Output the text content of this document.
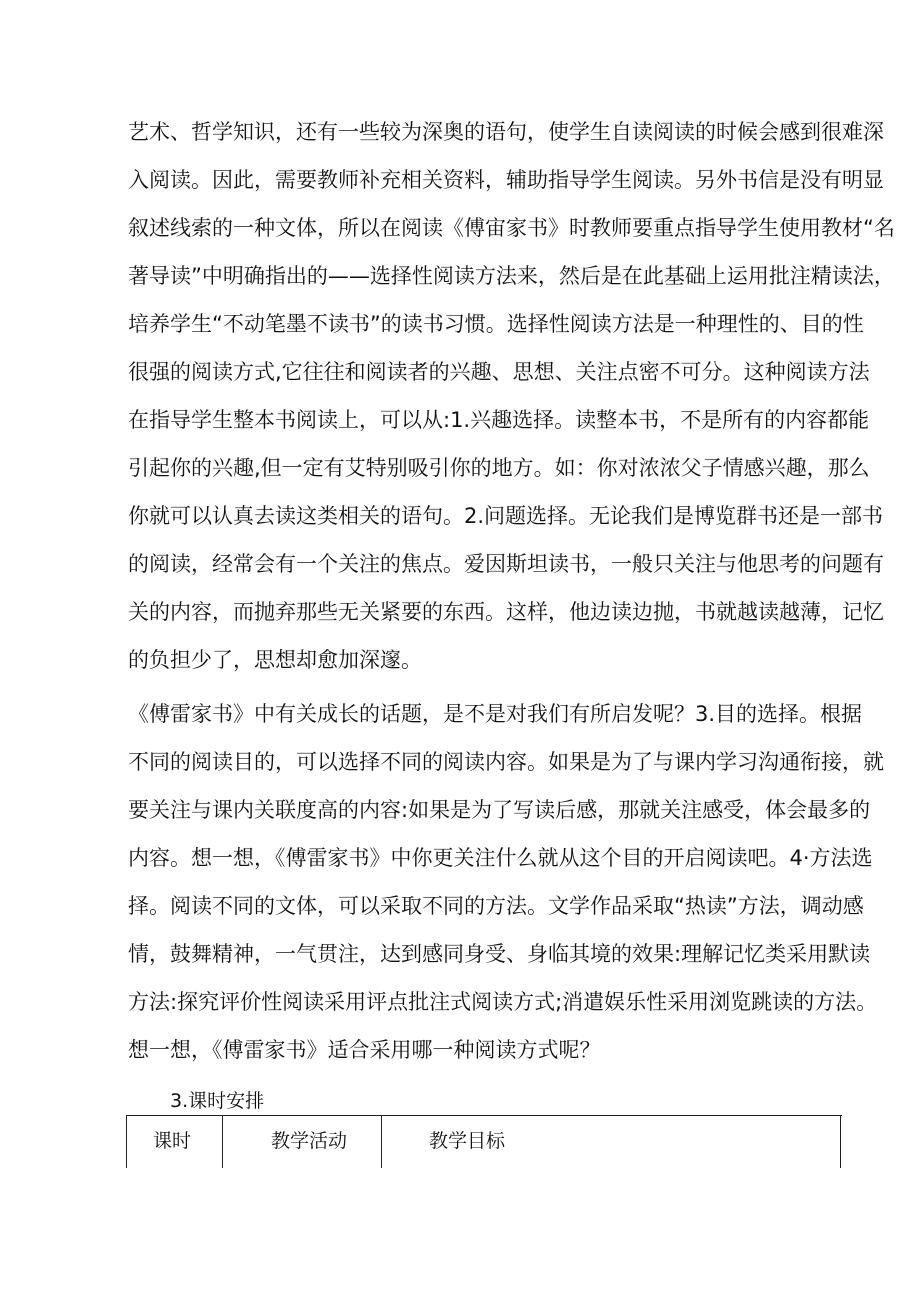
艺术、哲学知识，还有一些较为深奥的语句，使学生自读阅读的时候会感到很难深
入阅读。因此，需要教师补充相关资料，辅助指导学生阅读。另外书信是没有明显
叙述线索的一种文体，所以在阅读《傅宙家书》时教师要重点指导学生使用教材“名
著导读”中明确指出的——选择性阅读方法来，然后是在此基础上运用批注精读法，
培养学生“不动笔墨不读书”的读书习惯。选择性阅读方法是一种理性的、目的性
很强的阅读方式,它往往和阅读者的兴趣、思想、关注点密不可分。这种阅读方法
在指导学生整本书阅读上，可以从:1.兴趣选择。读整本书，不是所有的内容都能
引起你的兴趣,但一定有艾特别吸引你的地方。如：你对浓浓父子情感兴趣，那么
你就可以认真去读这类相关的语句。2.问题选择。无论我们是博览群书还是一部书
的阅读，经常会有一个关注的焦点。爱因斯坦读书，一般只关注与他思考的问题有
关的内容，而抛弃那些无关紧要的东西。这样，他边读边抛，书就越读越薄，记忆
的负担少了，思想却愈加深邃。
《傅雷家书》中有关成长的话题，是不是对我们有所启发呢？3.目的选择。根据
不同的阅读目的，可以选择不同的阅读内容。如果是为了与课内学习沟通衔接，就
要关注与课内关联度高的内容:如果是为了写读后感，那就关注感受，体会最多的
内容。想一想，《傅雷家书》中你更关注什么就从这个目的开启阅读吧。4·方法选
择。阅读不同的文体，可以采取不同的方法。文学作品采取“热读”方法，调动感
情，鼓舞精神，一气贯注，达到感同身受、身临其境的效果:理解记忆类采用默读
方法:探究评价性阅读采用评点批注式阅读方式;消遣娱乐性采用浏览跳读的方法。
想一想，《傅雷家书》适合采用哪一种阅读方式呢？
3.课时安排
课时	教学活动	教学目标
